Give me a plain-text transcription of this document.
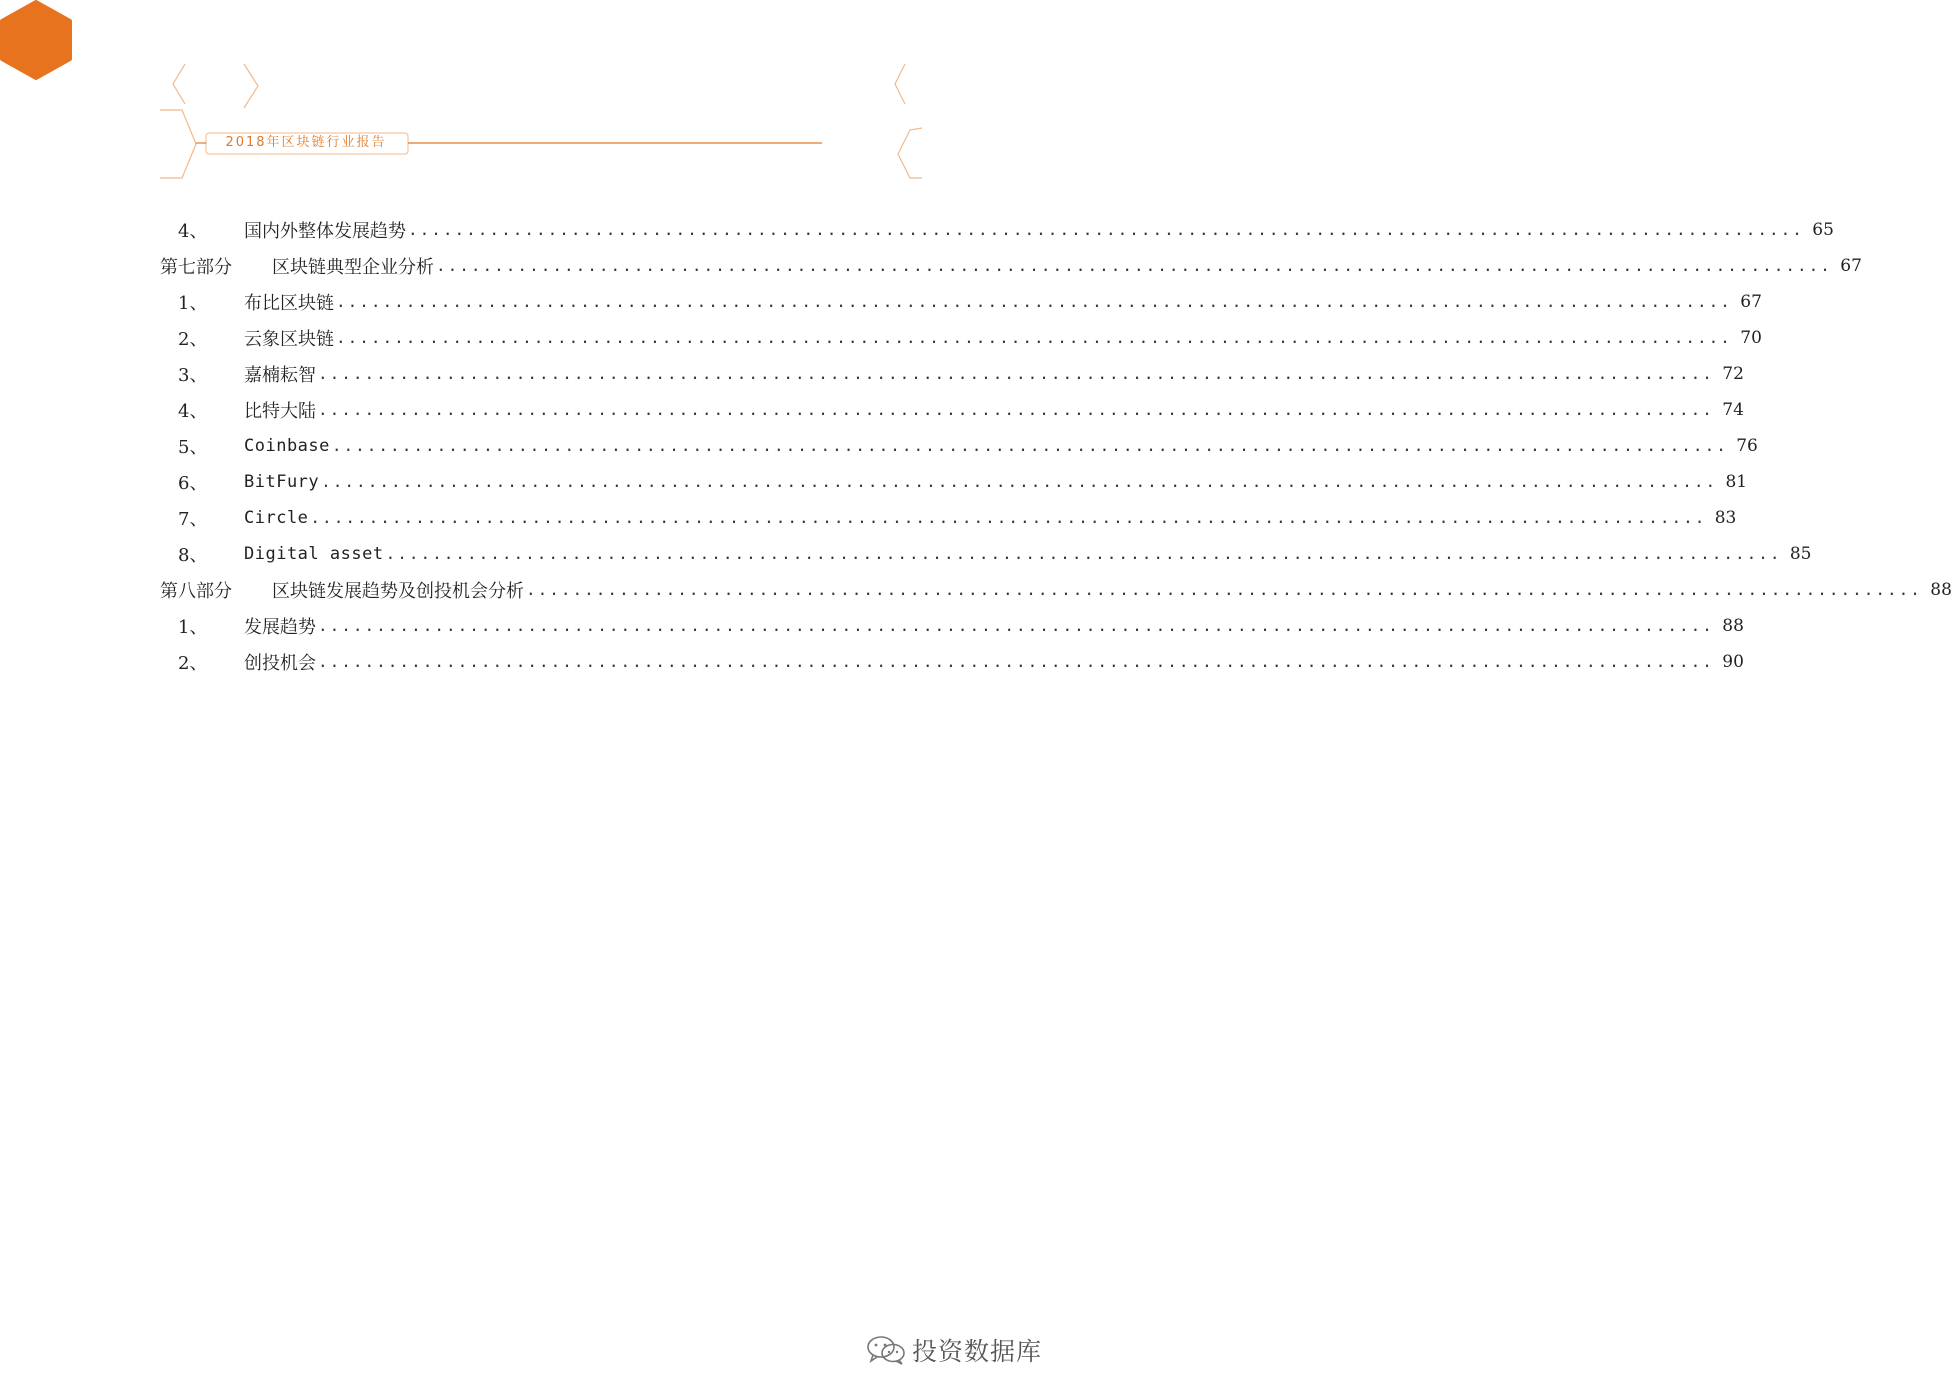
2018年区块链行业报告	创业邦
CYZONE
4、	国内外整体发展趋势 ........................................................................................................................ 65
第七部分	区块链典型企业分析 ........................................................................................................................ 67
1、	布比区块链 ........................................................................................................................ 67
2、	云象区块链 ........................................................................................................................ 70
3、	嘉楠耘智 ........................................................................................................................ 72
4、	比特大陆 ........................................................................................................................ 74
5、	Coinbase ........................................................................................................................ 76
6、	BitFury ........................................................................................................................ 81
7、	Circle ........................................................................................................................ 83
8、	Digital asset ........................................................................................................................ 85
第八部分	区块链发展趋势及创投机会分析 ........................................................................................................................ 88
1、	发展趋势 ........................................................................................................................ 88
2、	创投机会 ........................................................................................................................ 90
投资数据库
